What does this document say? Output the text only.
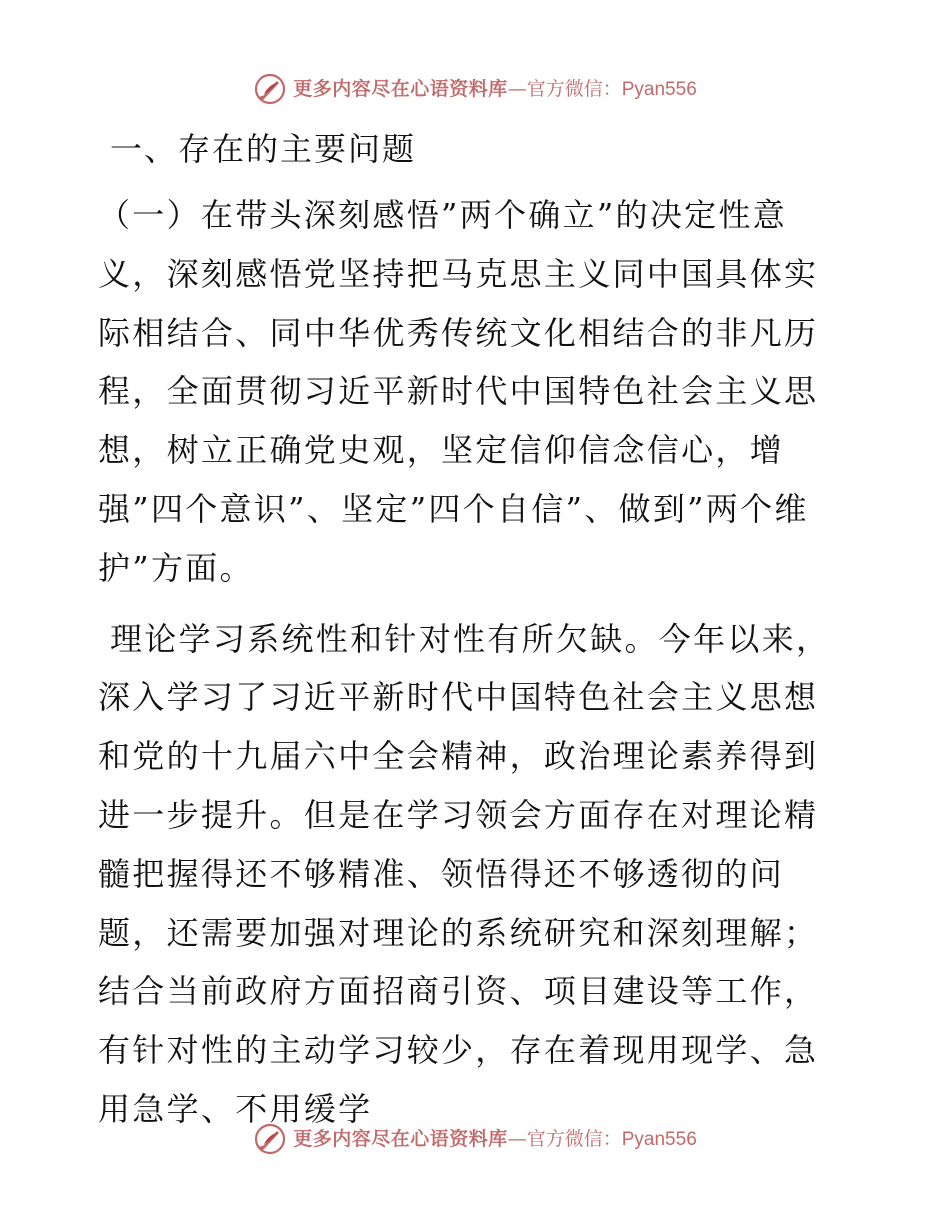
更多内容尽在心语资料库 — 官方微信： Pyan556
一、存在的主要问题

（一）在带头深刻感悟”两个确立”的决定性意义，深刻感悟党坚持把马克思主义同中国具体实际相结合、同中华优秀传统文化相结合的非凡历程，全面贯彻习近平新时代中国特色社会主义思想，树立正确党史观，坚定信仰信念信心，增强”四个意识”、坚定”四个自信”、做到”两个维护”方面。

理论学习系统性和针对性有所欠缺。今年以来，深入学习了习近平新时代中国特色社会主义思想和党的十九届六中全会精神，政治理论素养得到进一步提升。但是在学习领会方面存在对理论精髓把握得还不够精准、领悟得还不够透彻的问题，还需要加强对理论的系统研究和深刻理解；结合当前政府方面招商引资、项目建设等工作，有针对性的主动学习较少，存在着现用现学、急用急学、不用缓学

更多内容尽在心语资料库 — 官方微信： Pyan556
